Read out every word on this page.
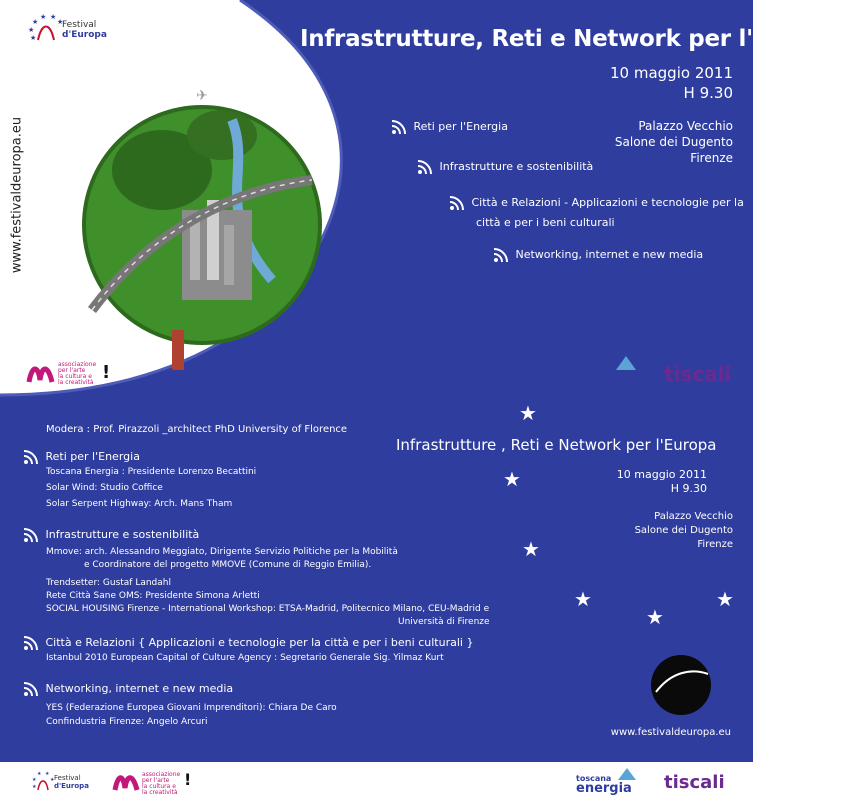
★
★
★
★ ★
★
Festival
d'Europa
www.festivaldeuropa.eu
✈
Infrastrutture, Reti e Network per l'Europa
10 maggio 2011
H 9.30
Palazzo Vecchio
Salone dei Dugento
Firenze
Reti per l'Energia
Infrastrutture e sostenibilità
Città e Relazioni - Applicazioni e tecnologie per la
città e per i beni culturali
Networking, internet e new media
associazione
per l'arte
la cultura e
la creatività !	toscana
energia tiscali
★
★
★
★
★
★
Modera : Prof. Pirazzoli _architect PhD University of Florence
Reti per l'Energia
Toscana Energia : Presidente Lorenzo Becattini
Solar Wind: Studio Coffice
Solar Serpent Highway: Arch. Mans Tham
Infrastrutture e sostenibilità
Mmove: arch. Alessandro Meggiato, Dirigente Servizio Politiche per la Mobilità
e Coordinatore del progetto MMOVE (Comune di Reggio Emilia).
Trendsetter: Gustaf Landahl
Rete Città Sane OMS: Presidente Simona Arletti
SOCIAL HOUSING Firenze - International Workshop: ETSA-Madrid, Politecnico Milano, CEU-Madrid e
Università di Firenze
Città e Relazioni { Applicazioni e tecnologie per la città e per i beni culturali }
Istanbul 2010 European Capital of Culture Agency : Segretario Generale Sig. Yilmaz Kurt
Networking, internet e new media
YES (Federazione Europea Giovani Imprenditori): Chiara De Caro
Confindustria Firenze: Angelo Arcuri
Infrastrutture , Reti e Network per l'Europa
10 maggio 2011
H 9.30
Palazzo Vecchio
Salone dei Dugento
Firenze
www.festivaldeuropa.eu
★
★
★ ★
★ Festival
d'Europa
associazione
per l'arte
la cultura e
la creatività
!	toscana
energia tiscali
